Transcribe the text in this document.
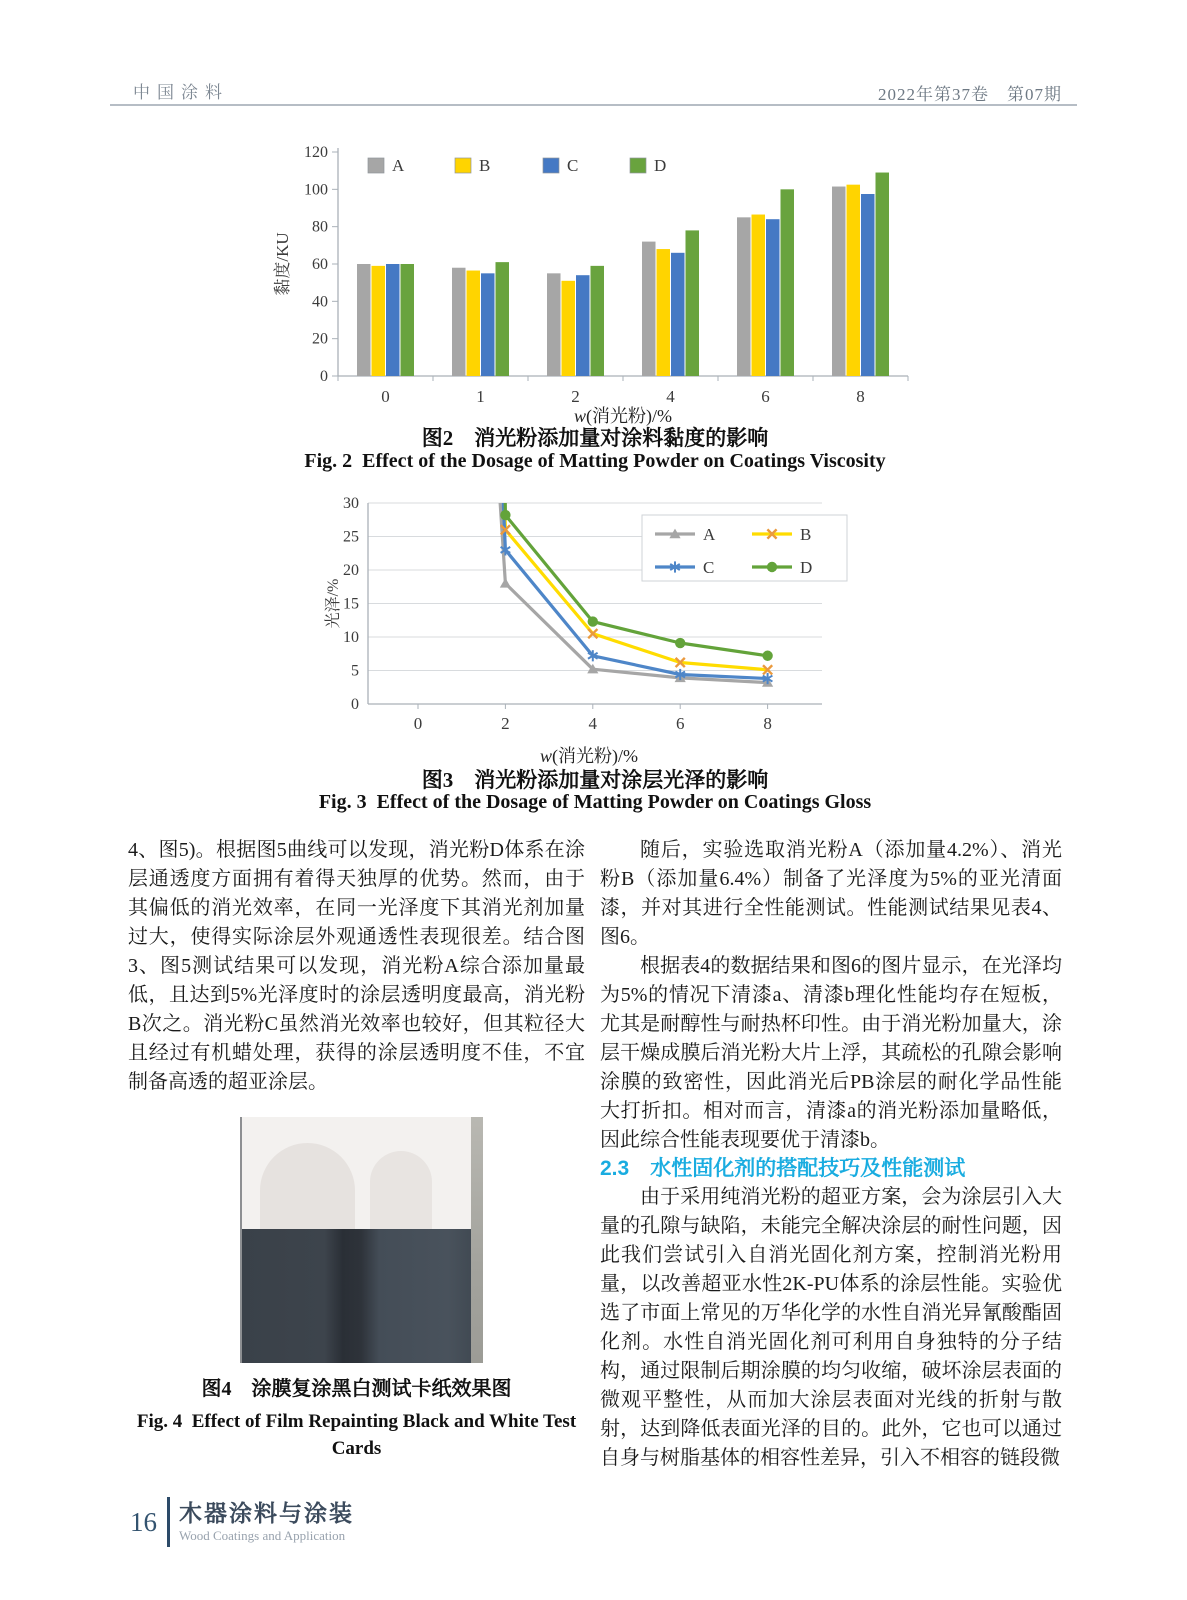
中国涂料	2022年第37卷　第07期
0
20
40
60
80
100
120
0	1	2	4	6	8
A	B	C	D
黏度/KU
w(消光粉)/%
图2　消光粉添加量对涂料黏度的影响
Fig. 2  Effect of the Dosage of Matting Powder on Coatings Viscosity
0
5
10
15
20
25
30
0	2	4	6	8
A	B
C	D
光泽/%
w(消光粉)/%
图3　消光粉添加量对涂层光泽的影响
Fig. 3  Effect of the Dosage of Matting Powder on Coatings Gloss

4、图5)。根据图5曲线可以发现，消光粉D体系在涂层通透度方面拥有着得天独厚的优势。然而，由于其偏低的消光效率，在同一光泽度下其消光剂加量过大，使得实际涂层外观通透性表现很差。结合图3、图5测试结果可以发现，消光粉A综合添加量最低，且达到5%光泽度时的涂层透明度最高，消光粉B次之。消光粉C虽然消光效率也较好，但其粒径大且经过有机蜡处理，获得的涂层透明度不佳，不宜制备高透的超亚涂层。

图4　涂膜复涂黑白测试卡纸效果图

Fig. 4  Effect of Film Repainting Black and White Test Cards

随后，实验选取消光粉A（添加量4.2%）、消光粉B（添加量6.4%）制备了光泽度为5%的亚光清面漆，并对其进行全性能测试。性能测试结果见表4、图6。

根据表4的数据结果和图6的图片显示，在光泽均为5%的情况下清漆a、清漆b理化性能均存在短板，尤其是耐醇性与耐热杯印性。由于消光粉加量大，涂层干燥成膜后消光粉大片上浮，其疏松的孔隙会影响涂膜的致密性，因此消光后PB涂层的耐化学品性能大打折扣。相对而言，清漆a的消光粉添加量略低，因此综合性能表现要优于清漆b。

2.3　水性固化剂的搭配技巧及性能测试

由于采用纯消光粉的超亚方案，会为涂层引入大量的孔隙与缺陷，未能完全解决涂层的耐性问题，因此我们尝试引入自消光固化剂方案，控制消光粉用量，以改善超亚水性2K-PU体系的涂层性能。实验优选了市面上常见的万华化学的水性自消光异氰酸酯固化剂。水性自消光固化剂可利用自身独特的分子结构，通过限制后期涂膜的均匀收缩，破坏涂层表面的微观平整性，从而加大涂层表面对光线的折射与散射，达到降低表面光泽的目的。此外，它也可以通过自身与树脂基体的相容性差异，引入不相容的链段微

16 木器涂料与涂装

Wood Coatings and Application
